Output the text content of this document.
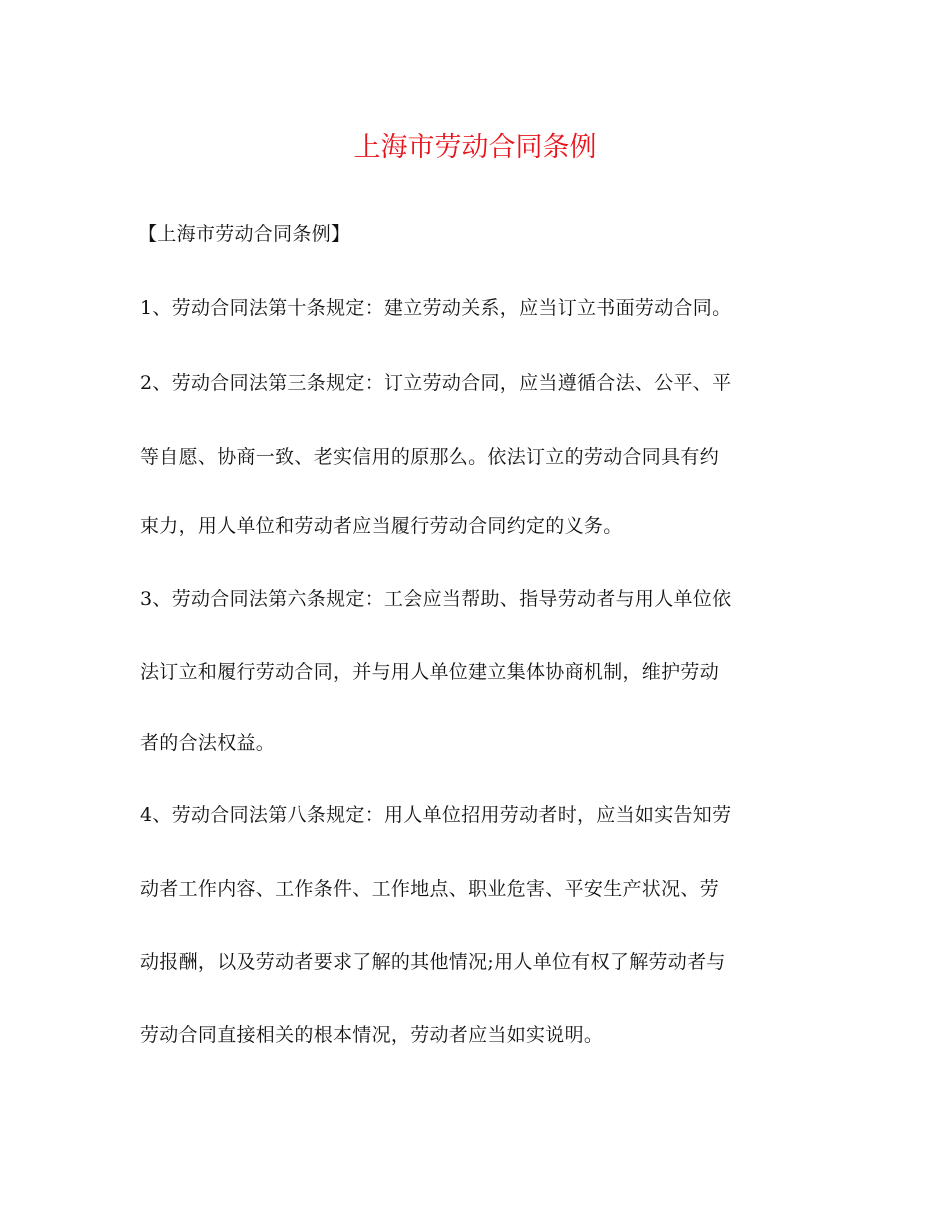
上海市劳动合同条例
【上海市劳动合同条例】
1、劳动合同法第十条规定：建立劳动关系，应当订立书面劳动合同。
2、劳动合同法第三条规定：订立劳动合同，应当遵循合法、公平、平
等自愿、协商一致、老实信用的原那么。依法订立的劳动合同具有约
束力，用人单位和劳动者应当履行劳动合同约定的义务。
3、劳动合同法第六条规定：工会应当帮助、指导劳动者与用人单位依
法订立和履行劳动合同，并与用人单位建立集体协商机制，维护劳动
者的合法权益。
4、劳动合同法第八条规定：用人单位招用劳动者时，应当如实告知劳
动者工作内容、工作条件、工作地点、职业危害、平安生产状况、劳
动报酬，以及劳动者要求了解的其他情况;用人单位有权了解劳动者与
劳动合同直接相关的根本情况，劳动者应当如实说明。
